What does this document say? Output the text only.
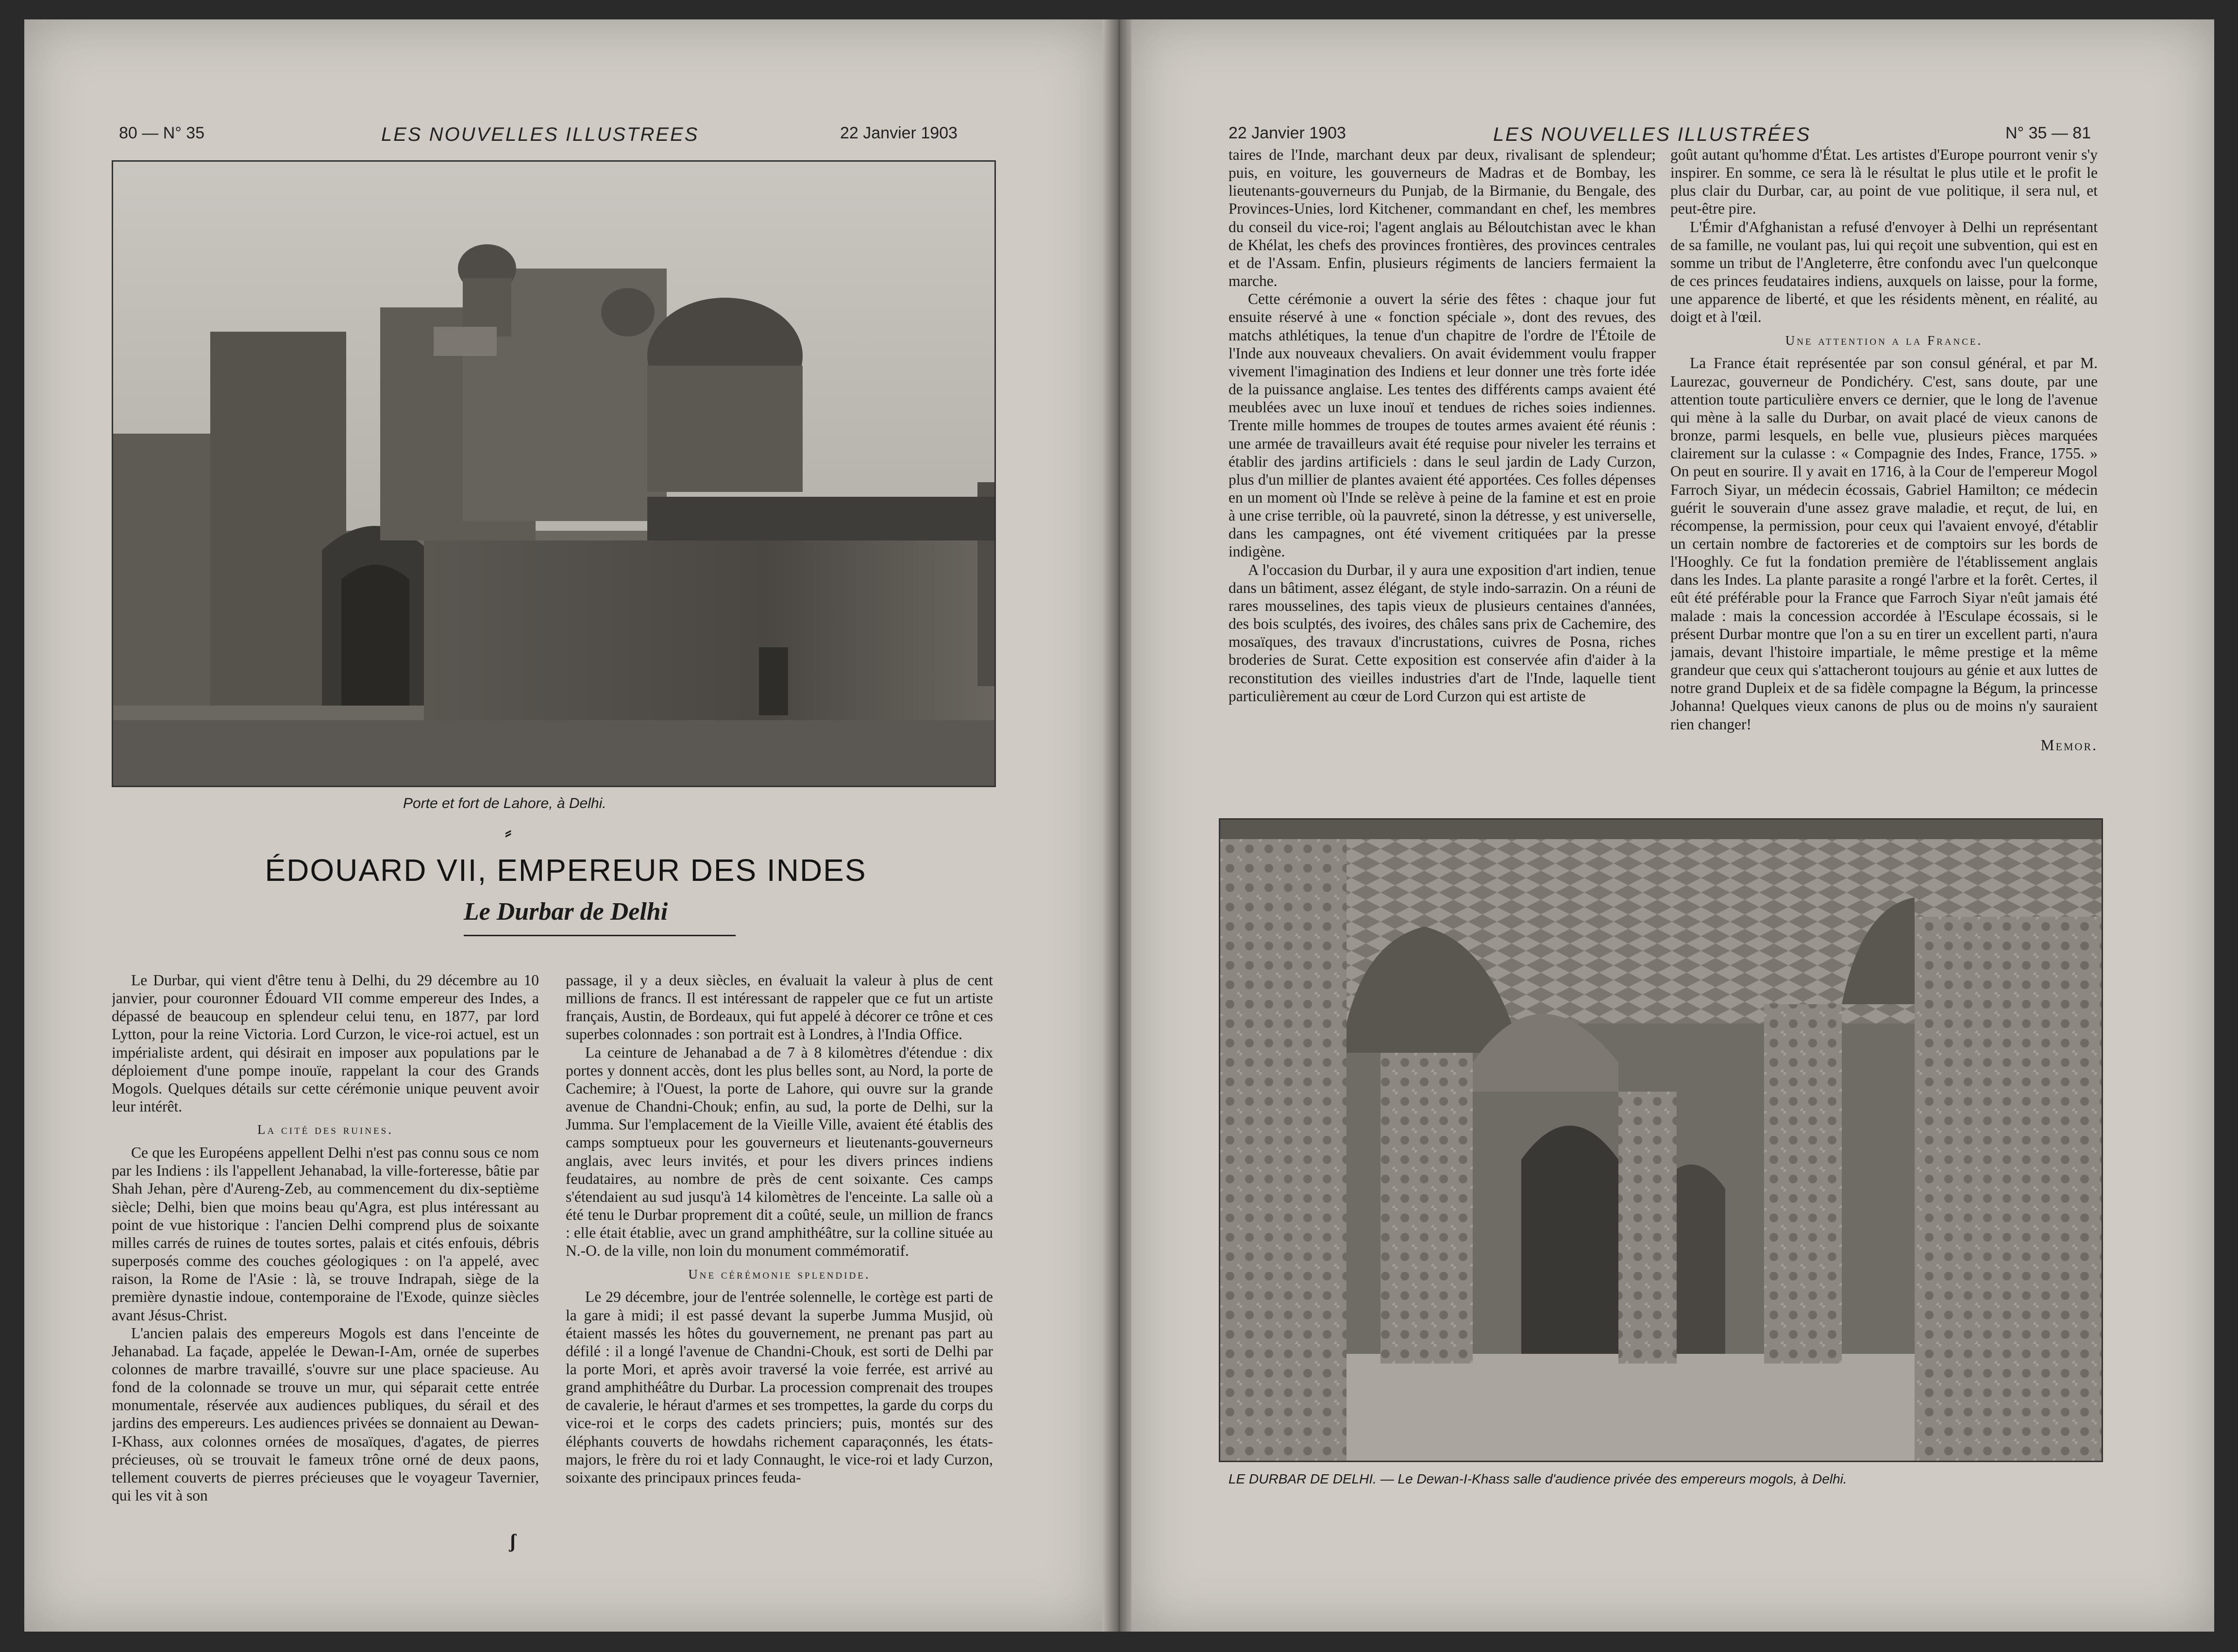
80 — N° 35	LES NOUVELLES ILLUSTREES	22 Janvier 1903
Porte et fort de Lahore, à Delhi.
⸗
ÉDOUARD VII, EMPEREUR DES INDES
Le Durbar de Delhi

Le Durbar, qui vient d'être tenu à Delhi, du 29 décembre au 10 janvier, pour couronner Édouard VII comme empereur des Indes, a dépassé de beaucoup en splendeur celui tenu, en 1877, par lord Lytton, pour la reine Victoria. Lord Curzon, le vice-roi actuel, est un impérialiste ardent, qui désirait en imposer aux populations par le déploiement d'une pompe inouïe, rappelant la cour des Grands Mogols. Quelques détails sur cette cérémonie unique peuvent avoir leur intérêt.

La cité des ruines.

Ce que les Européens appellent Delhi n'est pas connu sous ce nom par les Indiens : ils l'appellent Jehanabad, la ville-forteresse, bâtie par Shah Jehan, père d'Aureng-Zeb, au commencement du dix-septième siècle; Delhi, bien que moins beau qu'Agra, est plus intéressant au point de vue historique : l'ancien Delhi comprend plus de soixante milles carrés de ruines de toutes sortes, palais et cités enfouis, débris superposés comme des couches géologiques : on l'a appelé, avec raison, la Rome de l'Asie : là, se trouve Indrapah, siège de la première dynastie indoue, contemporaine de l'Exode, quinze siècles avant Jésus-Christ.

L'ancien palais des empereurs Mogols est dans l'enceinte de Jehanabad. La façade, appelée le Dewan-I-Am, ornée de superbes colonnes de marbre travaillé, s'ouvre sur une place spacieuse. Au fond de la colonnade se trouve un mur, qui séparait cette entrée monumentale, réservée aux audiences publiques, du sérail et des jardins des empereurs. Les audiences privées se donnaient au Dewan-I-Khass, aux colonnes ornées de mosaïques, d'agates, de pierres précieuses, où se trouvait le fameux trône orné de deux paons, tellement couverts de pierres précieuses que le voyageur Tavernier, qui les vit à son

passage, il y a deux siècles, en évaluait la valeur à plus de cent millions de francs. Il est intéressant de rappeler que ce fut un artiste français, Austin, de Bordeaux, qui fut appelé à décorer ce trône et ces superbes colonnades : son portrait est à Londres, à l'India Office.

La ceinture de Jehanabad a de 7 à 8 kilomètres d'étendue : dix portes y donnent accès, dont les plus belles sont, au Nord, la porte de Cachemire; à l'Ouest, la porte de Lahore, qui ouvre sur la grande avenue de Chandni-Chouk; enfin, au sud, la porte de Delhi, sur la Jumma. Sur l'emplacement de la Vieille Ville, avaient été établis des camps somptueux pour les gouverneurs et lieutenants-gouverneurs anglais, avec leurs invités, et pour les divers princes indiens feudataires, au nombre de près de cent soixante. Ces camps s'étendaient au sud jusqu'à 14 kilomètres de l'enceinte. La salle où a été tenu le Durbar proprement dit a coûté, seule, un million de francs : elle était établie, avec un grand amphithéâtre, sur la colline située au N.-O. de la ville, non loin du monument commémoratif.

Une cérémonie splendide.

Le 29 décembre, jour de l'entrée solennelle, le cortège est parti de la gare à midi; il est passé devant la superbe Jumma Musjid, où étaient massés les hôtes du gouvernement, ne prenant pas part au défilé : il a longé l'avenue de Chandni-Chouk, est sorti de Delhi par la porte Mori, et après avoir traversé la voie ferrée, est arrivé au grand amphithéâtre du Durbar. La procession comprenait des troupes de cavalerie, le héraut d'armes et ses trompettes, la garde du corps du vice-roi et le corps des cadets princiers; puis, montés sur des éléphants couverts de howdahs richement caparaçonnés, les états-majors, le frère du roi et lady Connaught, le vice-roi et lady Curzon, soixante des principaux princes feuda-

ʃ
22 Janvier 1903	LES NOUVELLES ILLUSTRÉES	N° 35 — 81

taires de l'Inde, marchant deux par deux, rivalisant de splendeur; puis, en voiture, les gouverneurs de Madras et de Bombay, les lieutenants-gouverneurs du Punjab, de la Birmanie, du Bengale, des Provinces-Unies, lord Kitchener, commandant en chef, les membres du conseil du vice-roi; l'agent anglais au Béloutchistan avec le khan de Khélat, les chefs des provinces frontières, des provinces centrales et de l'Assam. Enfin, plusieurs régiments de lanciers fermaient la marche.

Cette cérémonie a ouvert la série des fêtes : chaque jour fut ensuite réservé à une « fonction spéciale », dont des revues, des matchs athlétiques, la tenue d'un chapitre de l'ordre de l'Étoile de l'Inde aux nouveaux chevaliers. On avait évidemment voulu frapper vivement l'imagination des Indiens et leur donner une très forte idée de la puissance anglaise. Les tentes des différents camps avaient été meublées avec un luxe inouï et tendues de riches soies indiennes. Trente mille hommes de troupes de toutes armes avaient été réunis : une armée de travailleurs avait été requise pour niveler les terrains et établir des jardins artificiels : dans le seul jardin de Lady Curzon, plus d'un millier de plantes avaient été apportées. Ces folles dépenses en un moment où l'Inde se relève à peine de la famine et est en proie à une crise terrible, où la pauvreté, sinon la détresse, y est universelle, dans les campagnes, ont été vivement critiquées par la presse indigène.

A l'occasion du Durbar, il y aura une exposition d'art indien, tenue dans un bâtiment, assez élégant, de style indo-sarrazin. On a réuni de rares mousselines, des tapis vieux de plusieurs centaines d'années, des bois sculptés, des ivoires, des châles sans prix de Cachemire, des mosaïques, des travaux d'incrustations, cuivres de Posna, riches broderies de Surat. Cette exposition est conservée afin d'aider à la reconstitution des vieilles industries d'art de l'Inde, laquelle tient particulièrement au cœur de Lord Curzon qui est artiste de

goût autant qu'homme d'État. Les artistes d'Europe pourront venir s'y inspirer. En somme, ce sera là le résultat le plus utile et le profit le plus clair du Durbar, car, au point de vue politique, il sera nul, et peut-être pire.

L'Émir d'Afghanistan a refusé d'envoyer à Delhi un représentant de sa famille, ne voulant pas, lui qui reçoit une subvention, qui est en somme un tribut de l'Angleterre, être confondu avec l'un quelconque de ces princes feudataires indiens, auxquels on laisse, pour la forme, une apparence de liberté, et que les résidents mènent, en réalité, au doigt et à l'œil.

Une attention a la France.

La France était représentée par son consul général, et par M. Laurezac, gouverneur de Pondichéry. C'est, sans doute, par une attention toute particulière envers ce dernier, que le long de l'avenue qui mène à la salle du Durbar, on avait placé de vieux canons de bronze, parmi lesquels, en belle vue, plusieurs pièces marquées clairement sur la culasse : « Compagnie des Indes, France, 1755. » On peut en sourire. Il y avait en 1716, à la Cour de l'empereur Mogol Farroch Siyar, un médecin écossais, Gabriel Hamilton; ce médecin guérit le souverain d'une assez grave maladie, et reçut, de lui, en récompense, la permission, pour ceux qui l'avaient envoyé, d'établir un certain nombre de factoreries et de comptoirs sur les bords de l'Hooghly. Ce fut la fondation première de l'établissement anglais dans les Indes. La plante parasite a rongé l'arbre et la forêt. Certes, il eût été préférable pour la France que Farroch Siyar n'eût jamais été malade : mais la concession accordée à l'Esculape écossais, si le présent Durbar montre que l'on a su en tirer un excellent parti, n'aura jamais, devant l'histoire impartiale, le même prestige et la même grandeur que ceux qui s'attacheront toujours au génie et aux luttes de notre grand Dupleix et de sa fidèle compagne la Bégum, la princesse Johanna! Quelques vieux canons de plus ou de moins n'y sauraient rien changer!

Memor.
LE DURBAR DE DELHI. — Le Dewan-I-Khass salle d'audience privée des empereurs mogols, à Delhi.
